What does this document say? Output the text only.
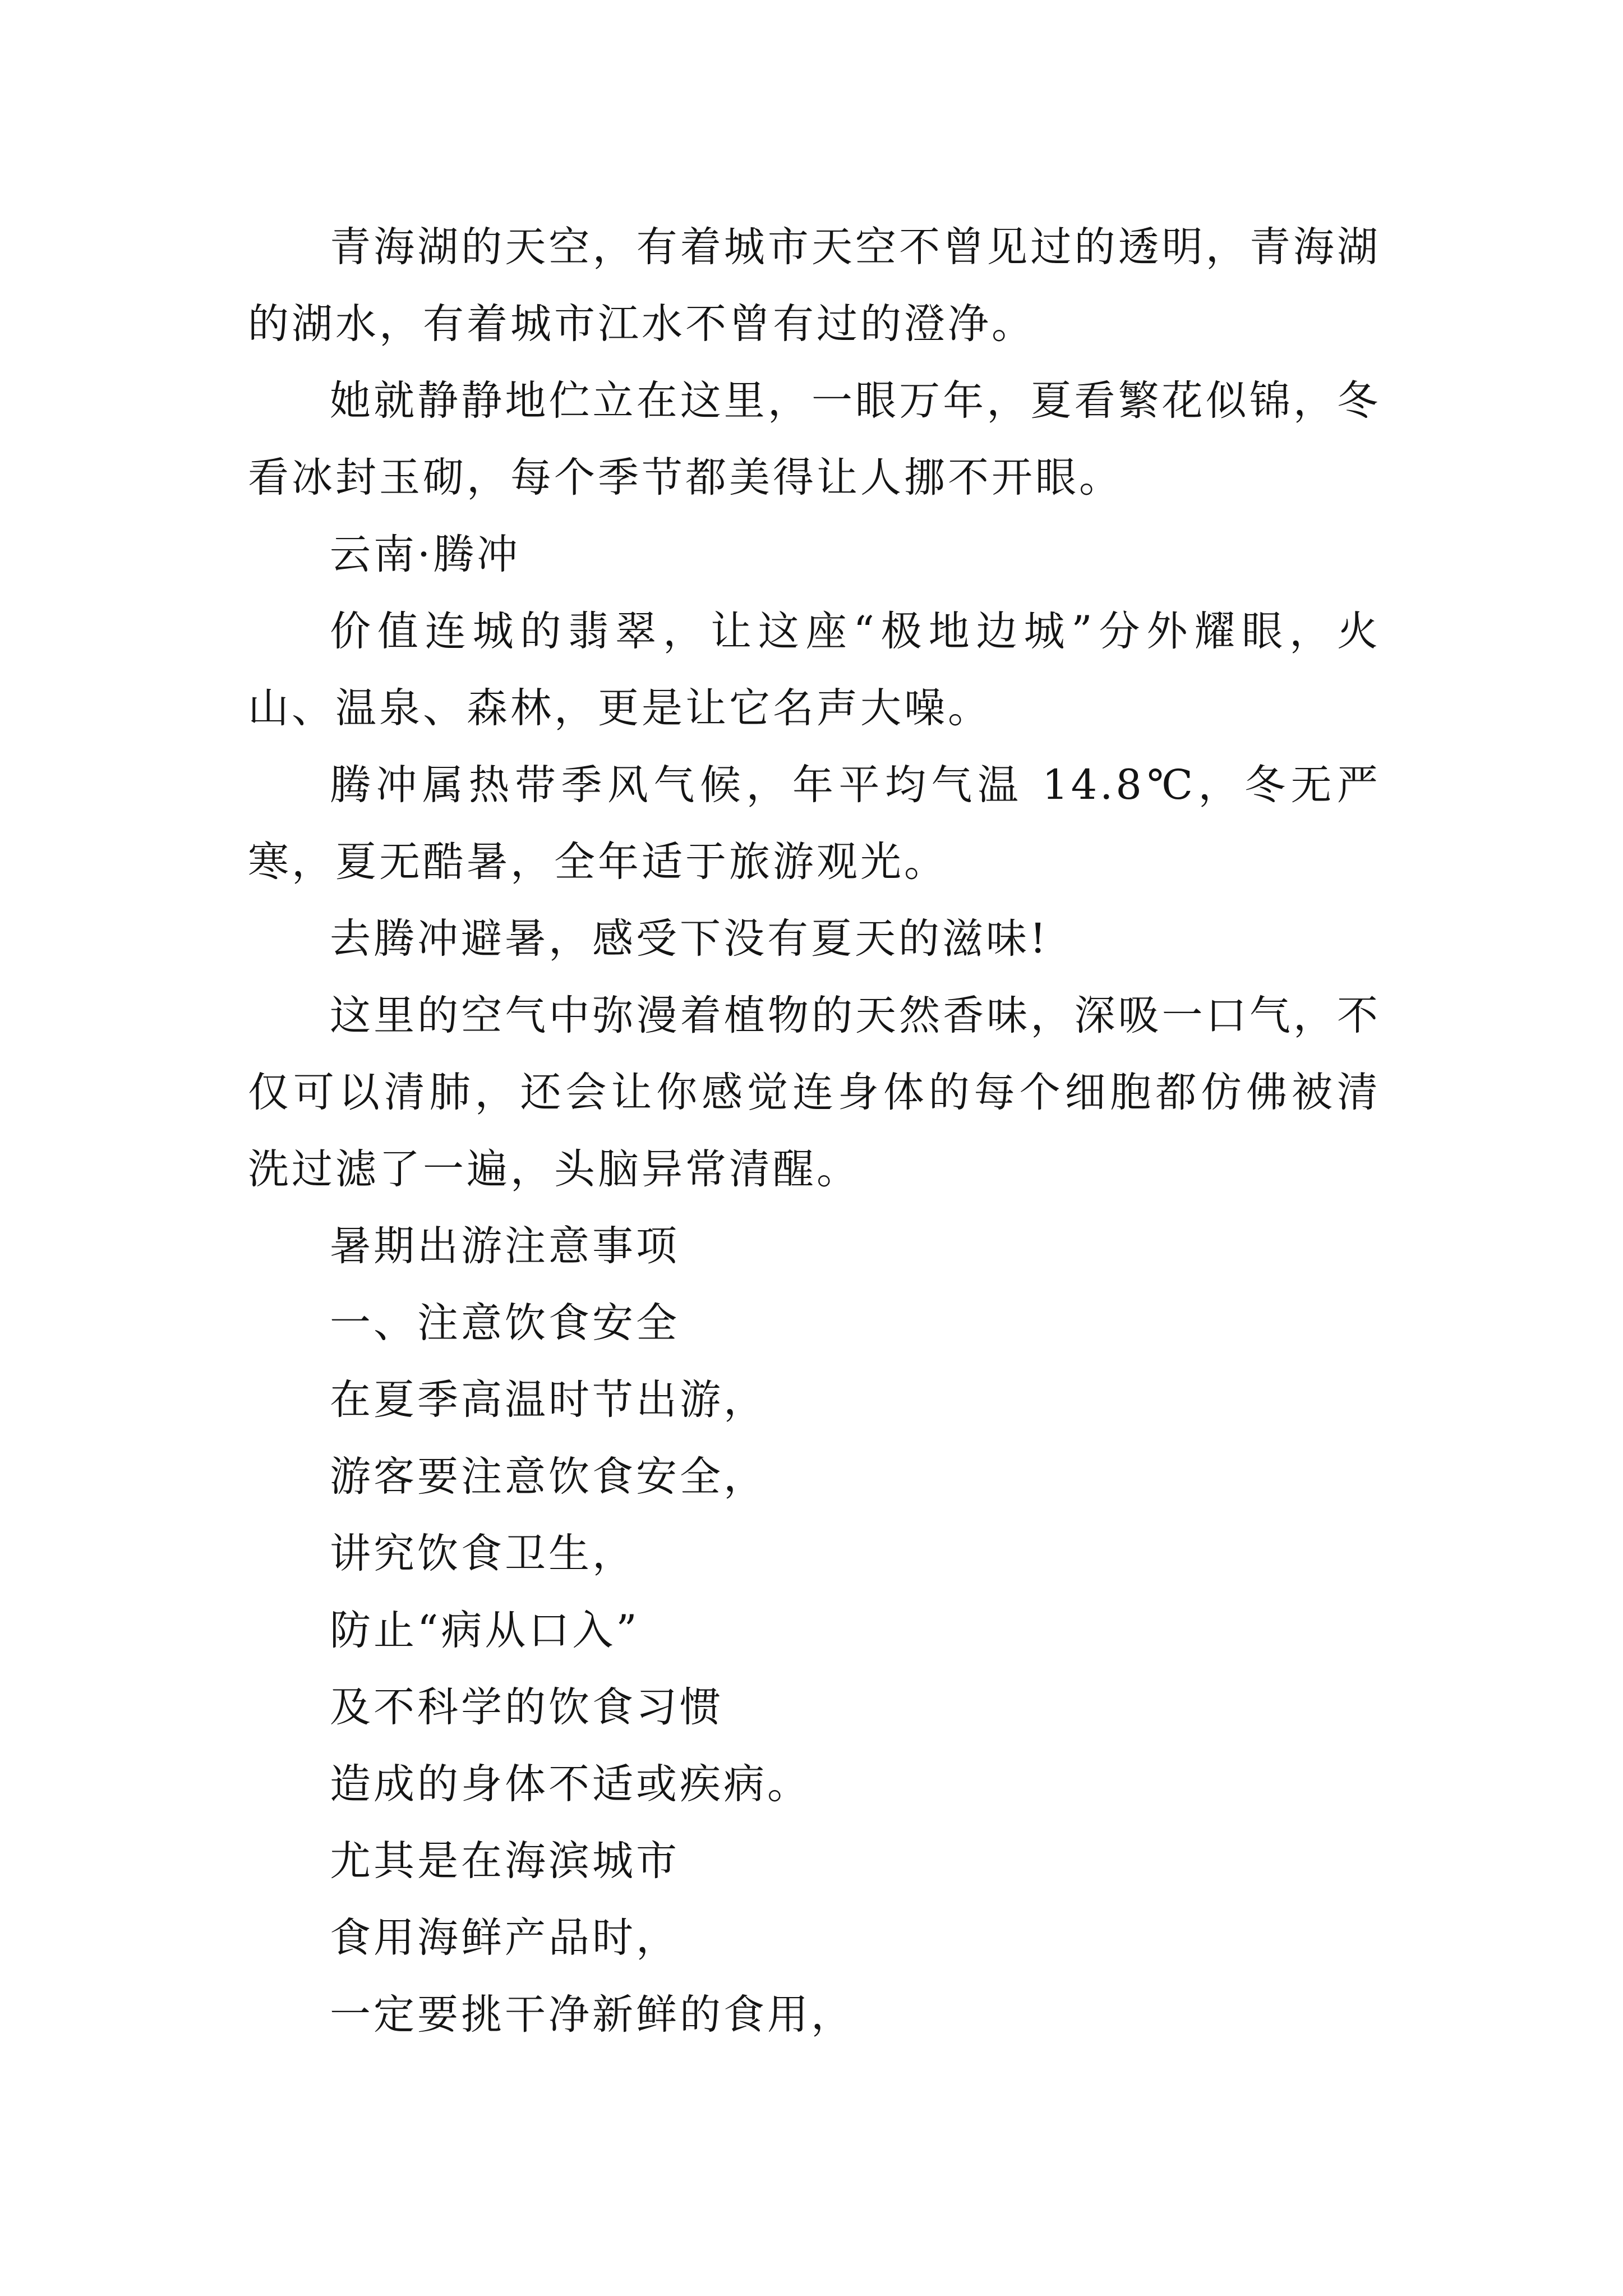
青海湖的天空，有着城市天空不曾见过的透明，青海湖的湖水，有着城市江水不曾有过的澄净。

她就静静地伫立在这里，一眼万年，夏看繁花似锦，冬看冰封玉砌，每个季节都美得让人挪不开眼。

云南·腾冲

价值连城的翡翠，让这座“极地边城”分外耀眼，火山、温泉、森林，更是让它名声大噪。

腾冲属热带季风气候，年平均气温 14.8℃，冬无严寒，夏无酷暑，全年适于旅游观光。

去腾冲避暑，感受下没有夏天的滋味!

这里的空气中弥漫着植物的天然香味，深吸一口气，不仅可以清肺，还会让你感觉连身体的每个细胞都仿佛被清洗过滤了一遍，头脑异常清醒。

暑期出游注意事项

一、注意饮食安全

在夏季高温时节出游，

游客要注意饮食安全，

讲究饮食卫生，

防止“病从口入”

及不科学的饮食习惯

造成的身体不适或疾病。

尤其是在海滨城市

食用海鲜产品时，

一定要挑干净新鲜的食用，
